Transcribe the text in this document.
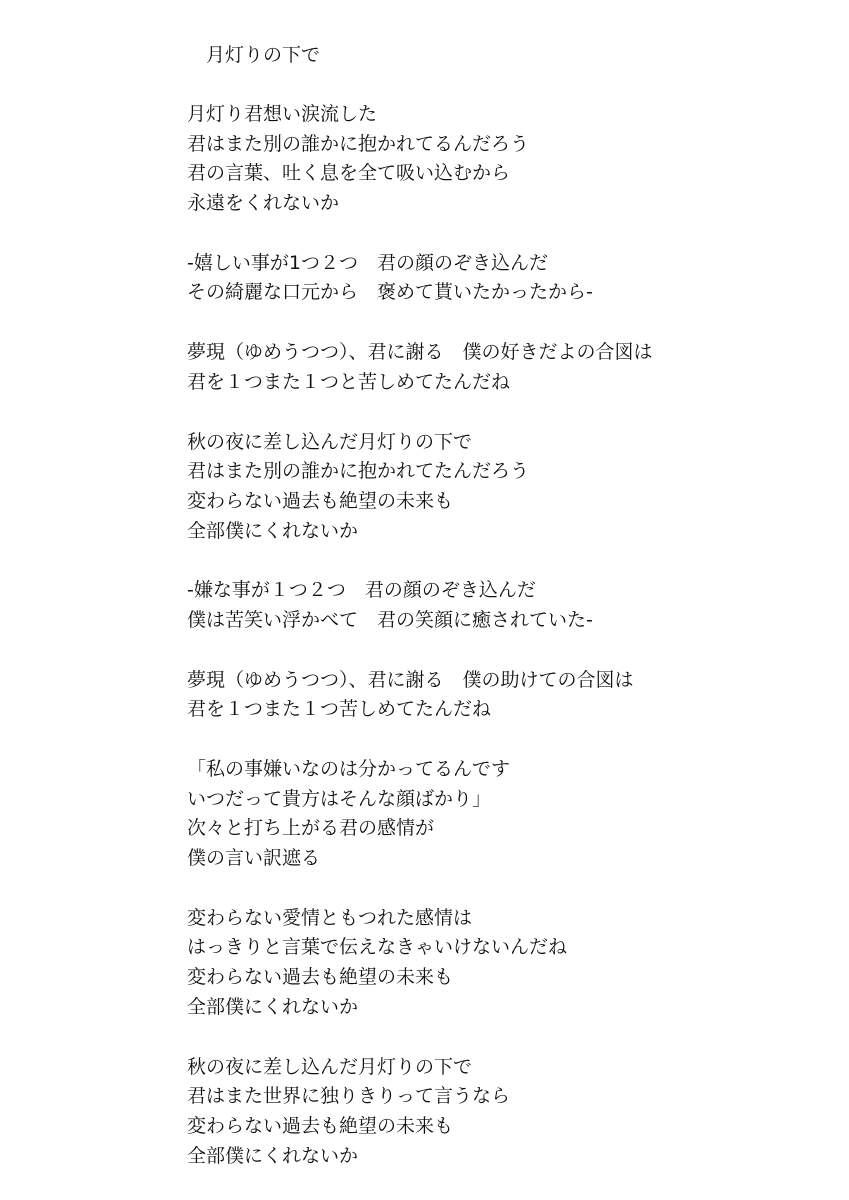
　月灯りの下で
月灯り君想い涙流した
君はまた別の誰かに抱かれてるんだろう
君の言葉、吐く息を全て吸い込むから
永遠をくれないか
-嬉しい事が1つ２つ　君の顔のぞき込んだ
その綺麗な口元から　褒めて貰いたかったから-
夢現（ゆめうつつ）、君に謝る　僕の好きだよの合図は
君を１つまた１つと苦しめてたんだね
秋の夜に差し込んだ月灯りの下で
君はまた別の誰かに抱かれてたんだろう
変わらない過去も絶望の未来も
全部僕にくれないか
-嫌な事が１つ２つ　君の顔のぞき込んだ
僕は苦笑い浮かべて　君の笑顔に癒されていた-
夢現（ゆめうつつ）、君に謝る　僕の助けての合図は
君を１つまた１つ苦しめてたんだね
「私の事嫌いなのは分かってるんです
いつだって貴方はそんな顔ばかり」
次々と打ち上がる君の感情が
僕の言い訳遮る
変わらない愛情ともつれた感情は
はっきりと言葉で伝えなきゃいけないんだね
変わらない過去も絶望の未来も
全部僕にくれないか
秋の夜に差し込んだ月灯りの下で
君はまた世界に独りきりって言うなら
変わらない過去も絶望の未来も
全部僕にくれないか
